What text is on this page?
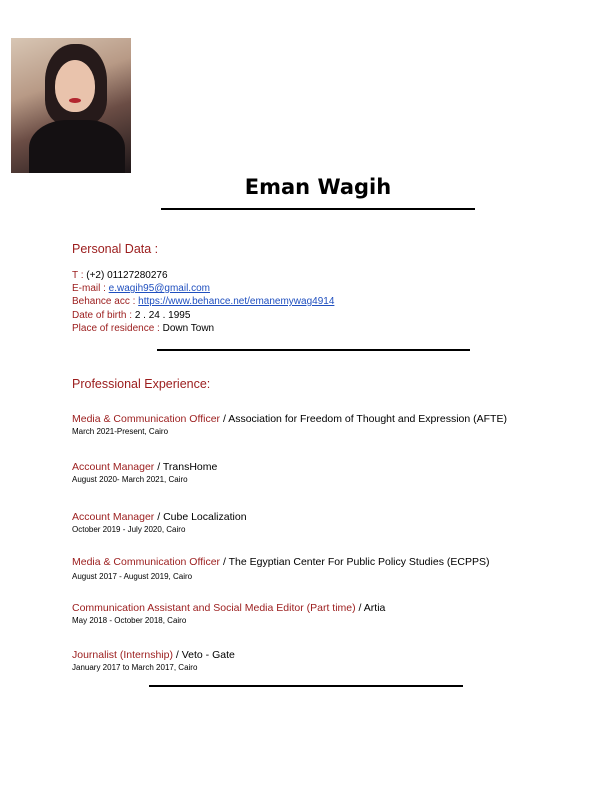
Eman Wagih
Personal Data :
T : (+2) 01127280276
E-mail : e.wagih95@gmail.com
Behance acc : https://www.behance.net/emanemywag4914
Date of birth : 2 . 24 . 1995
Place of residence : Down Town
Professional Experience:
Media & Communication Officer / Association for Freedom of Thought and Expression (AFTE)
March 2021-Present, Cairo
Account Manager / TransHome
August 2020- March 2021, Cairo
Account Manager / Cube Localization
October 2019 - July 2020, Cairo
Media & Communication Officer / The Egyptian Center For Public Policy Studies (ECPPS)
August 2017 - August 2019, Cairo
Communication Assistant and Social Media Editor (Part time) / Artia
May 2018 - October 2018, Cairo
Journalist (Internship) / Veto - Gate
January 2017 to March 2017, Cairo
